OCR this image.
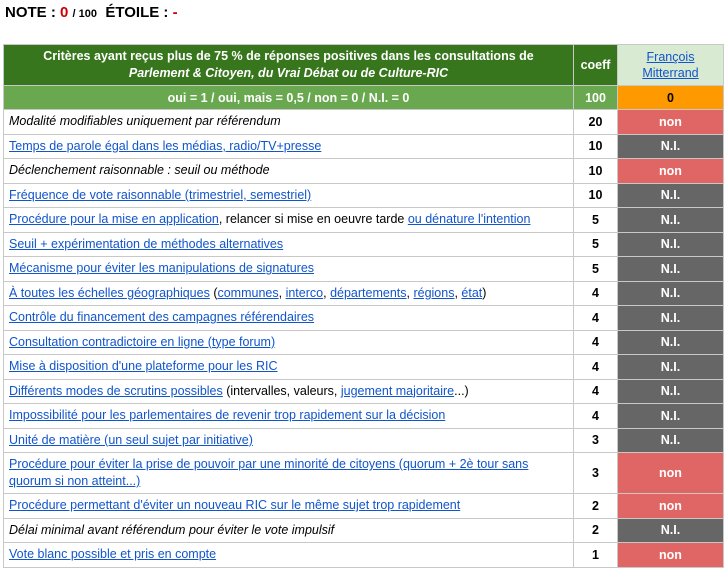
NOTE : 0 / 100 ÉTOILE : -
Critères ayant reçus plus de 75 % de réponses positives dans les consultations de
Parlement & Citoyen, du Vrai Débat ou de Culture-RIC	coeff	François
Mitterrand
oui = 1 / oui, mais = 0,5 / non = 0 / N.I. = 0	100	0
Modalité modifiables uniquement par référendum	20	non
Temps de parole égal dans les médias, radio/TV+presse	10	N.I.
Déclenchement raisonnable : seuil ou méthode	10	non
Fréquence de vote raisonnable (trimestriel, semestriel)	10	N.I.
Procédure pour la mise en application, relancer si mise en oeuvre tarde ou dénature l'intention	5	N.I.
Seuil + expérimentation de méthodes alternatives	5	N.I.
Mécanisme pour éviter les manipulations de signatures	5	N.I.
À toutes les échelles géographiques (communes, interco, départements, régions, état)	4	N.I.
Contrôle du financement des campagnes référendaires	4	N.I.
Consultation contradictoire en ligne (type forum)	4	N.I.
Mise à disposition d'une plateforme pour les RIC	4	N.I.
Différents modes de scrutins possibles (intervalles, valeurs, jugement majoritaire...)	4	N.I.
Impossibilité pour les parlementaires de revenir trop rapidement sur la décision	4	N.I.
Unité de matière (un seul sujet par initiative)	3	N.I.
Procédure pour éviter la prise de pouvoir par une minorité de citoyens (quorum + 2è tour sans quorum si non atteint...)	3	non
Procédure permettant d'éviter un nouveau RIC sur le même sujet trop rapidement	2	non
Délai minimal avant référendum pour éviter le vote impulsif	2	N.I.
Vote blanc possible et pris en compte	1	non
